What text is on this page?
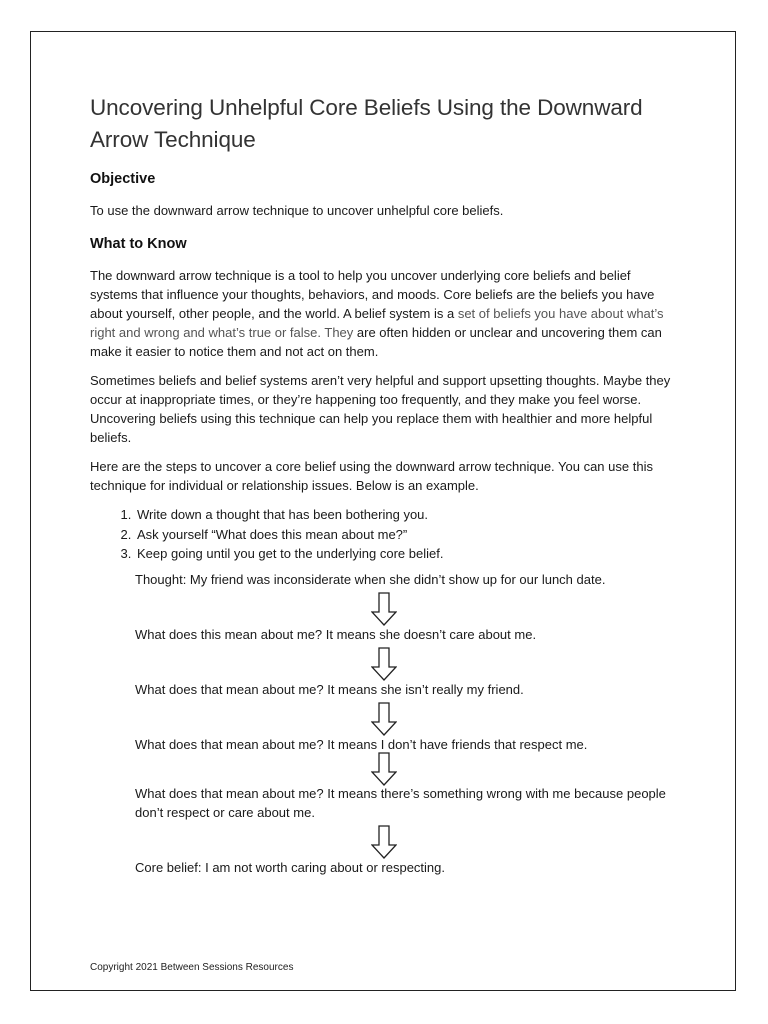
Uncovering Unhelpful Core Beliefs Using the Downward Arrow Technique
Objective

To use the downward arrow technique to uncover unhelpful core beliefs.

What to Know

The downward arrow technique is a tool to help you uncover underlying core beliefs and belief systems that influence your thoughts, behaviors, and moods. Core beliefs are the beliefs you have about yourself, other people, and the world. A belief system is a set of beliefs you have about what’s right and wrong and what’s true or false. They are often hidden or unclear and uncovering them can make it easier to notice them and not act on them.

Sometimes beliefs and belief systems aren’t very helpful and support upsetting thoughts. Maybe they occur at inappropriate times, or they’re happening too frequently, and they make you feel worse. Uncovering beliefs using this technique can help you replace them with healthier and more helpful beliefs.

Here are the steps to uncover a core belief using the downward arrow technique. You can use this technique for individual or relationship issues. Below is an example.

1. Write down a thought that has been bothering you.
2. Ask yourself “What does this mean about me?”
3. Keep going until you get to the underlying core belief.

Thought: My friend was inconsiderate when she didn’t show up for our lunch date.

What does this mean about me? It means she doesn’t care about me.

What does that mean about me? It means she isn’t really my friend.

What does that mean about me? It means I don’t have friends that respect me.

What does that mean about me? It means there’s something wrong with me because people don’t respect or care about me.

Core belief: I am not worth caring about or respecting.

Copyright 2021 Between Sessions Resources
